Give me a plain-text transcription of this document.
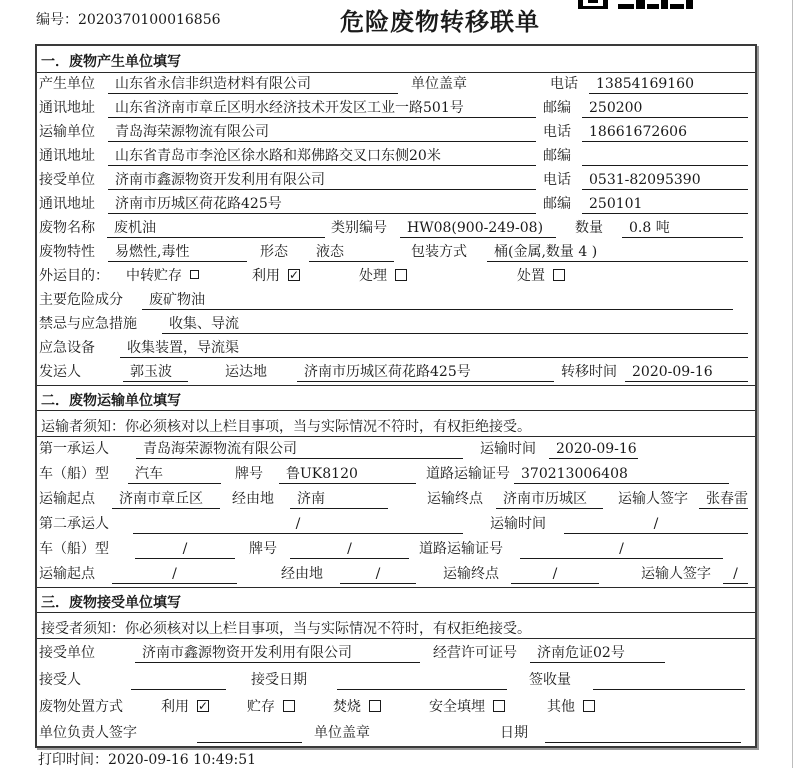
编号：2020370100016856	危险废物转移联单
一．废物产生单位填写
产生单位	山东省永信非织造材料有限公司	单位盖章	电话	13854169160
通讯地址	山东省济南市章丘区明水经济技术开发区工业一路501号	邮编	250200
运输单位	青岛海荣源物流有限公司	电话	18661672606
通讯地址	山东省青岛市李沧区徐水路和郑佛路交叉口东侧20米	邮编
接受单位	济南市鑫源物资开发利用有限公司	电话	0531-82095390
通讯地址	济南市历城区荷花路425号	邮编	250101
废物名称	废机油	类别编号	HW08(900-249-08)	数量	0.8 吨
废物特性	易燃性,毒性	形态	液态	包装方式	桶(金属,数量 4 )
外运目的： 中转贮存	利用 ✓	处理	处置
主要危险成分	废矿物油
禁忌与应急措施	收集、导流
应急设备	收集装置，导流渠
发运人	郭玉波	运达地	济南市历城区荷花路425号	转移时间	2020-09-16
二．废物运输单位填写
运输者须知：你必须核对以上栏目事项，当与实际情况不符时，有权拒绝接受。
第一承运人	青岛海荣源物流有限公司	运输时间	2020-09-16
车（船）型	汽车	牌号	鲁UK8120	道路运输证号 370213006408
运输起点	济南市章丘区	经由地	济南	运输终点	济南市历城区	运输人签字	张春雷
第二承运人	/	运输时间	/
车（船）型	/	牌号	/	道路运输证号	/
运输起点	/	经由地	/	运输终点	/	运输人签字	/
三．废物接受单位填写
接受者须知：你必须核对以上栏目事项，当与实际情况不符时，有权拒绝接受。
接受单位	济南市鑫源物资开发利用有限公司	经营许可证号	济南危证02号
接受人	接受日期	签收量
废物处置方式	利用 ✓	贮存	焚烧	安全填埋	其他
单位负责人签字	单位盖章	日期
打印时间：2020-09-16 10:49:51
